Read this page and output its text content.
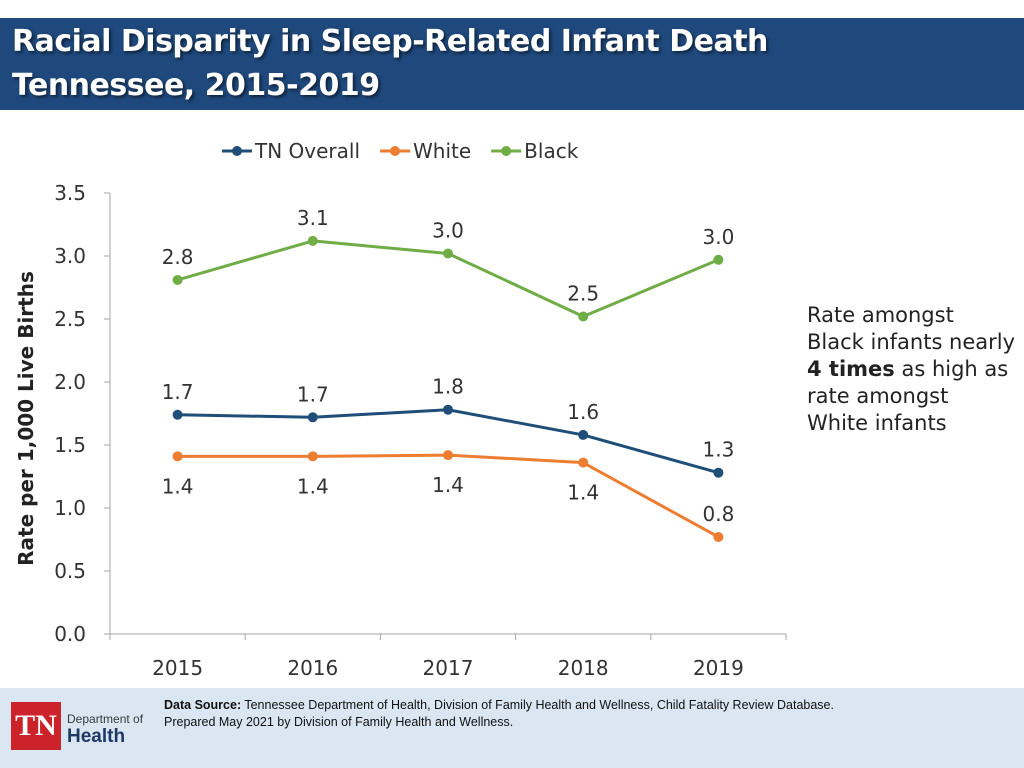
Racial Disparity in Sleep-Related Infant Death
Tennessee, 2015-2019
0.0
0.5
1.0
1.5
2.0
2.5
3.0
3.5
2015	2016	2017	2018	2019
Rate per 1,000 Live Births	1.7	1.7	1.8
1.6
1.3
1.4	1.4	1.4	1.4
0.8
2.8
3.1
3.0
2.5
3.0
TN Overall	White	Black
Rate amongst
Black infants nearly
4 times as high as
rate amongst
White infants
TN Department of
Health
Data Source: Tennessee Department of Health, Division of Family Health and Wellness, Child Fatality Review Database.
Prepared May 2021 by Division of Family Health and Wellness.
